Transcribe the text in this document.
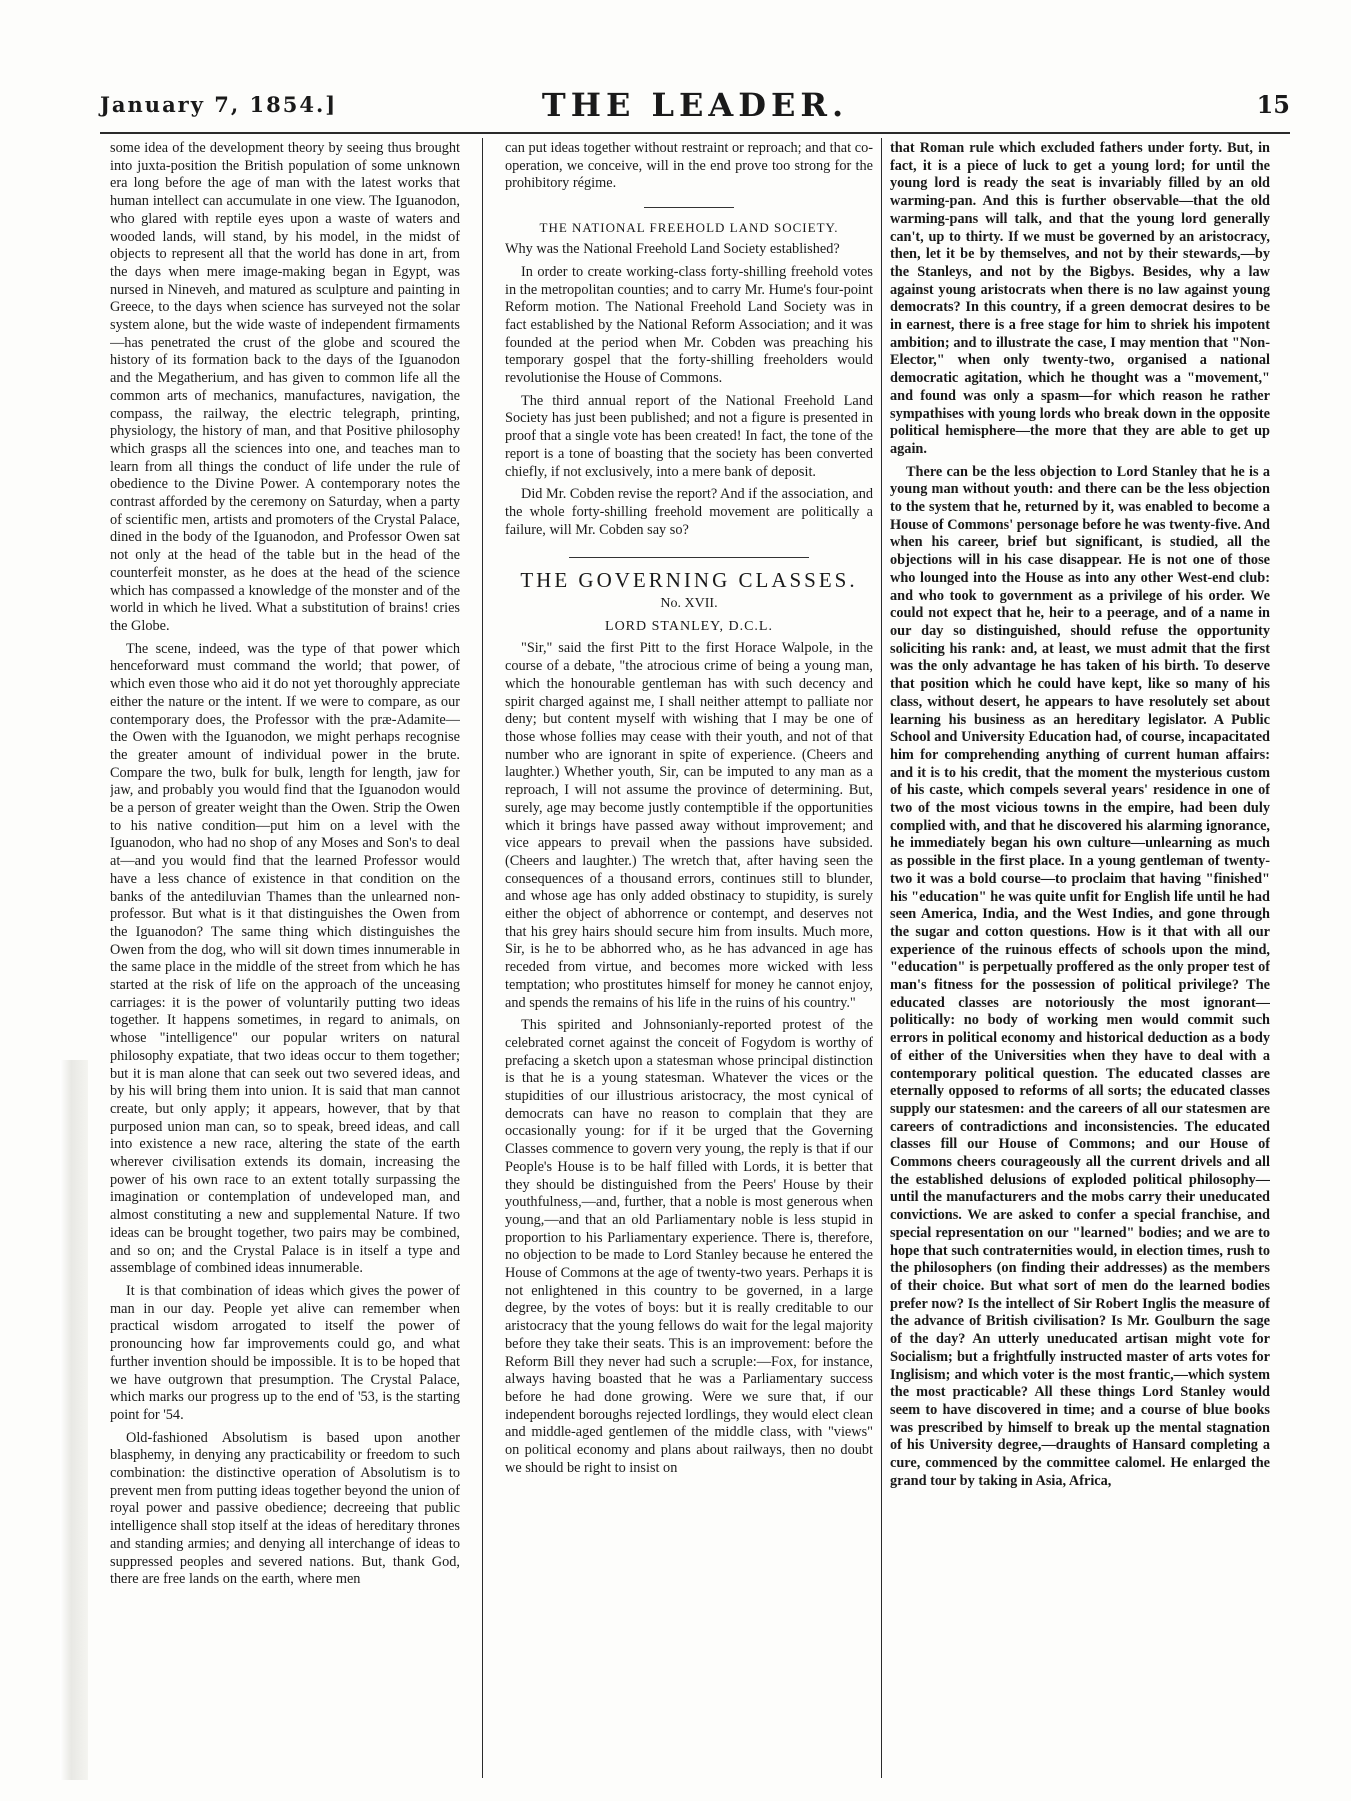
January 7, 1854.]	THE LEADER.	15

some idea of the development theory by seeing thus brought into juxta-position the British population of some unknown era long before the age of man with the latest works that human intellect can accumulate in one view. The Iguanodon, who glared with reptile eyes upon a waste of waters and wooded lands, will stand, by his model, in the midst of objects to represent all that the world has done in art, from the days when mere image-making began in Egypt, was nursed in Nineveh, and matured as sculpture and painting in Greece, to the days when science has surveyed not the solar system alone, but the wide waste of independent firmaments—has penetrated the crust of the globe and scoured the history of its formation back to the days of the Iguanodon and the Megatherium, and has given to common life all the common arts of mechanics, manufactures, navigation, the compass, the railway, the electric telegraph, printing, physiology, the history of man, and that Positive philosophy which grasps all the sciences into one, and teaches man to learn from all things the conduct of life under the rule of obedience to the Divine Power. A contemporary notes the contrast afforded by the ceremony on Saturday, when a party of scientific men, artists and promoters of the Crystal Palace, dined in the body of the Iguanodon, and Professor Owen sat not only at the head of the table but in the head of the counterfeit monster, as he does at the head of the science which has compassed a knowledge of the monster and of the world in which he lived. What a substitution of brains! cries the Globe.

The scene, indeed, was the type of that power which henceforward must command the world; that power, of which even those who aid it do not yet thoroughly appreciate either the nature or the intent. If we were to compare, as our contemporary does, the Professor with the præ-Adamite—the Owen with the Iguanodon, we might perhaps recognise the greater amount of individual power in the brute. Compare the two, bulk for bulk, length for length, jaw for jaw, and probably you would find that the Iguanodon would be a person of greater weight than the Owen. Strip the Owen to his native condition—put him on a level with the Iguanodon, who had no shop of any Moses and Son's to deal at—and you would find that the learned Professor would have a less chance of existence in that condition on the banks of the antediluvian Thames than the unlearned non-professor. But what is it that distinguishes the Owen from the Iguanodon? The same thing which distinguishes the Owen from the dog, who will sit down times innumerable in the same place in the middle of the street from which he has started at the risk of life on the approach of the unceasing carriages: it is the power of voluntarily putting two ideas together. It happens sometimes, in regard to animals, on whose "intelligence" our popular writers on natural philosophy expatiate, that two ideas occur to them together; but it is man alone that can seek out two severed ideas, and by his will bring them into union. It is said that man cannot create, but only apply; it appears, however, that by that purposed union man can, so to speak, breed ideas, and call into existence a new race, altering the state of the earth wherever civilisation extends its domain, increasing the power of his own race to an extent totally surpassing the imagination or contemplation of undeveloped man, and almost constituting a new and supplemental Nature. If two ideas can be brought together, two pairs may be combined, and so on; and the Crystal Palace is in itself a type and assemblage of combined ideas innumerable.

It is that combination of ideas which gives the power of man in our day. People yet alive can remember when practical wisdom arrogated to itself the power of pronouncing how far improvements could go, and what further invention should be impossible. It is to be hoped that we have outgrown that presumption. The Crystal Palace, which marks our progress up to the end of '53, is the starting point for '54.

Old-fashioned Absolutism is based upon another blasphemy, in denying any practicability or freedom to such combination: the distinctive operation of Absolutism is to prevent men from putting ideas together beyond the union of royal power and passive obedience; decreeing that public intelligence shall stop itself at the ideas of hereditary thrones and standing armies; and denying all interchange of ideas to suppressed peoples and severed nations. But, thank God, there are free lands on the earth, where men

can put ideas together without restraint or reproach; and that co-operation, we conceive, will in the end prove too strong for the prohibitory régime.

THE NATIONAL FREEHOLD LAND SOCIETY.

Why was the National Freehold Land Society established?

In order to create working-class forty-shilling freehold votes in the metropolitan counties; and to carry Mr. Hume's four-point Reform motion. The National Freehold Land Society was in fact established by the National Reform Association; and it was founded at the period when Mr. Cobden was preaching his temporary gospel that the forty-shilling freeholders would revolutionise the House of Commons.

The third annual report of the National Freehold Land Society has just been published; and not a figure is presented in proof that a single vote has been created! In fact, the tone of the report is a tone of boasting that the society has been converted chiefly, if not exclusively, into a mere bank of deposit.

Did Mr. Cobden revise the report? And if the association, and the whole forty-shilling freehold movement are politically a failure, will Mr. Cobden say so?

THE GOVERNING CLASSES.

No. XVII.

LORD STANLEY, D.C.L.

"Sir," said the first Pitt to the first Horace Walpole, in the course of a debate, "the atrocious crime of being a young man, which the honourable gentleman has with such decency and spirit charged against me, I shall neither attempt to palliate nor deny; but content myself with wishing that I may be one of those whose follies may cease with their youth, and not of that number who are ignorant in spite of experience. (Cheers and laughter.) Whether youth, Sir, can be imputed to any man as a reproach, I will not assume the province of determining. But, surely, age may become justly contemptible if the opportunities which it brings have passed away without improvement; and vice appears to prevail when the passions have subsided. (Cheers and laughter.) The wretch that, after having seen the consequences of a thousand errors, continues still to blunder, and whose age has only added obstinacy to stupidity, is surely either the object of abhorrence or contempt, and deserves not that his grey hairs should secure him from insults. Much more, Sir, is he to be abhorred who, as he has advanced in age has receded from virtue, and becomes more wicked with less temptation; who prostitutes himself for money he cannot enjoy, and spends the remains of his life in the ruins of his country."

This spirited and Johnsonianly-reported protest of the celebrated cornet against the conceit of Fogydom is worthy of prefacing a sketch upon a statesman whose principal distinction is that he is a young statesman. Whatever the vices or the stupidities of our illustrious aristocracy, the most cynical of democrats can have no reason to complain that they are occasionally young: for if it be urged that the Governing Classes commence to govern very young, the reply is that if our People's House is to be half filled with Lords, it is better that they should be distinguished from the Peers' House by their youthfulness,—and, further, that a noble is most generous when young,—and that an old Parliamentary noble is less stupid in proportion to his Parliamentary experience. There is, therefore, no objection to be made to Lord Stanley because he entered the House of Commons at the age of twenty-two years. Perhaps it is not enlightened in this country to be governed, in a large degree, by the votes of boys: but it is really creditable to our aristocracy that the young fellows do wait for the legal majority before they take their seats. This is an improvement: before the Reform Bill they never had such a scruple:—Fox, for instance, always having boasted that he was a Parliamentary success before he had done growing. Were we sure that, if our independent boroughs rejected lordlings, they would elect clean and middle-aged gentlemen of the middle class, with "views" on political economy and plans about railways, then no doubt we should be right to insist on

that Roman rule which excluded fathers under forty. But, in fact, it is a piece of luck to get a young lord; for until the young lord is ready the seat is invariably filled by an old warming-pan. And this is further observable—that the old warming-pans will talk, and that the young lord generally can't, up to thirty. If we must be governed by an aristocracy, then, let it be by themselves, and not by their stewards,—by the Stanleys, and not by the Bigbys. Besides, why a law against young aristocrats when there is no law against young democrats? In this country, if a green democrat desires to be in earnest, there is a free stage for him to shriek his impotent ambition; and to illustrate the case, I may mention that "Non-Elector," when only twenty-two, organised a national democratic agitation, which he thought was a "movement," and found was only a spasm—for which reason he rather sympathises with young lords who break down in the opposite political hemisphere—the more that they are able to get up again.

There can be the less objection to Lord Stanley that he is a young man without youth: and there can be the less objection to the system that he, returned by it, was enabled to become a House of Commons' personage before he was twenty-five. And when his career, brief but significant, is studied, all the objections will in his case disappear. He is not one of those who lounged into the House as into any other West-end club: and who took to government as a privilege of his order. We could not expect that he, heir to a peerage, and of a name in our day so distinguished, should refuse the opportunity soliciting his rank: and, at least, we must admit that the first was the only advantage he has taken of his birth. To deserve that position which he could have kept, like so many of his class, without desert, he appears to have resolutely set about learning his business as an hereditary legislator. A Public School and University Education had, of course, incapacitated him for comprehending anything of current human affairs: and it is to his credit, that the moment the mysterious custom of his caste, which compels several years' residence in one of two of the most vicious towns in the empire, had been duly complied with, and that he discovered his alarming ignorance, he immediately began his own culture—unlearning as much as possible in the first place. In a young gentleman of twenty-two it was a bold course—to proclaim that having "finished" his "education" he was quite unfit for English life until he had seen America, India, and the West Indies, and gone through the sugar and cotton questions. How is it that with all our experience of the ruinous effects of schools upon the mind, "education" is perpetually proffered as the only proper test of man's fitness for the possession of political privilege? The educated classes are notoriously the most ignorant—politically: no body of working men would commit such errors in political economy and historical deduction as a body of either of the Universities when they have to deal with a contemporary political question. The educated classes are eternally opposed to reforms of all sorts; the educated classes supply our statesmen: and the careers of all our statesmen are careers of contradictions and inconsistencies. The educated classes fill our House of Commons; and our House of Commons cheers courageously all the current drivels and all the established delusions of exploded political philosophy—until the manufacturers and the mobs carry their uneducated convictions. We are asked to confer a special franchise, and special representation on our "learned" bodies; and we are to hope that such contraternities would, in election times, rush to the philosophers (on finding their addresses) as the members of their choice. But what sort of men do the learned bodies prefer now? Is the intellect of Sir Robert Inglis the measure of the advance of British civilisation? Is Mr. Goulburn the sage of the day? An utterly uneducated artisan might vote for Socialism; but a frightfully instructed master of arts votes for Inglisism; and which voter is the most frantic,—which system the most practicable? All these things Lord Stanley would seem to have discovered in time; and a course of blue books was prescribed by himself to break up the mental stagnation of his University degree,—draughts of Hansard completing a cure, commenced by the committee calomel. He enlarged the grand tour by taking in Asia, Africa,
